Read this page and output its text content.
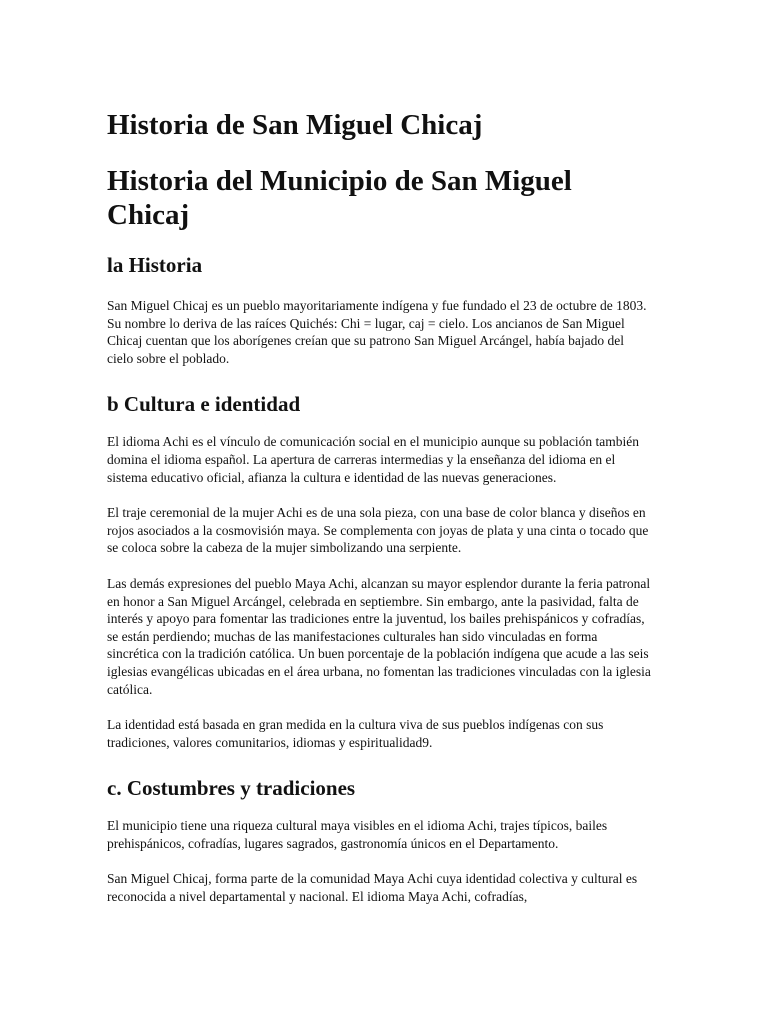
Historia de San Miguel Chicaj
Historia del Municipio de San Miguel Chicaj
la Historia

San Miguel Chicaj es un pueblo mayoritariamente indígena y fue fundado el 23 de octubre de 1803. Su nombre lo deriva de las raíces Quichés: Chi = lugar, caj = cielo. Los ancianos de San Miguel Chicaj cuentan que los aborígenes creían que su patrono San Miguel Arcángel, había bajado del cielo sobre el poblado.

b Cultura e identidad

El idioma Achi es el vínculo de comunicación social en el municipio aunque su población también domina el idioma español. La apertura de carreras intermedias y la enseñanza del idioma en el sistema educativo oficial, afianza la cultura e identidad de las nuevas generaciones.

El traje ceremonial de la mujer Achi es de una sola pieza, con una base de color blanca y diseños en rojos asociados a la cosmovisión maya. Se complementa con joyas de plata y una cinta o tocado que se coloca sobre la cabeza de la mujer simbolizando una serpiente.

Las demás expresiones del pueblo Maya Achi, alcanzan su mayor esplendor durante la feria patronal en honor a San Miguel Arcángel, celebrada en septiembre. Sin embargo, ante la pasividad, falta de interés y apoyo para fomentar las tradiciones entre la juventud, los bailes prehispánicos y cofradías, se están perdiendo; muchas de las manifestaciones culturales han sido vinculadas en forma sincrética con la tradición católica. Un buen porcentaje de la población indígena que acude a las seis iglesias evangélicas ubicadas en el área urbana, no fomentan las tradiciones vinculadas con la iglesia católica.

La identidad está basada en gran medida en la cultura viva de sus pueblos indígenas con sus tradiciones, valores comunitarios, idiomas y espiritualidad9.

c. Costumbres y tradiciones

El municipio tiene una riqueza cultural maya visibles en el idioma Achi, trajes típicos, bailes prehispánicos, cofradías, lugares sagrados, gastronomía únicos en el Departamento.

San Miguel Chicaj, forma parte de la comunidad Maya Achi cuya identidad colectiva y cultural es reconocida a nivel departamental y nacional. El idioma Maya Achi, cofradías,
